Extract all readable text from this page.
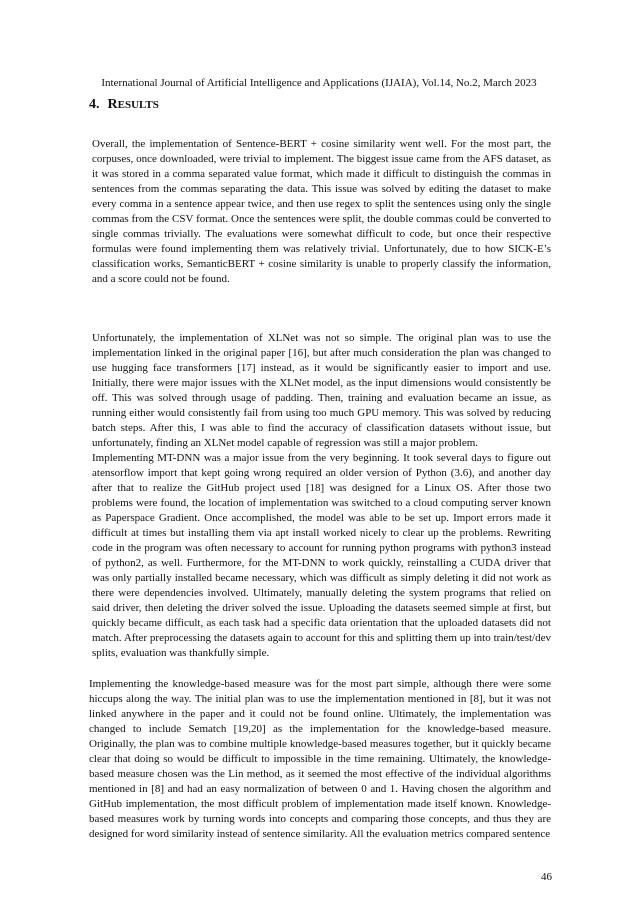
International Journal of Artificial Intelligence and Applications (IJAIA), Vol.14, No.2, March 2023
4. RESULTS

Overall, the implementation of Sentence-BERT + cosine similarity went well. For the most part, the corpuses, once downloaded, were trivial to implement. The biggest issue came from the AFS dataset, as it was stored in a comma separated value format, which made it difficult to distinguish the commas in sentences from the commas separating the data. This issue was solved by editing the dataset to make every comma in a sentence appear twice, and then use regex to split the sentences using only the single commas from the CSV format. Once the sentences were split, the double commas could be converted to single commas trivially. The evaluations were somewhat difficult to code, but once their respective formulas were found implementing them was relatively trivial. Unfortunately, due to how SICK-E’s classification works, SemanticBERT + cosine similarity is unable to properly classify the information, and a score could not be found.

Unfortunately, the implementation of XLNet was not so simple. The original plan was to use the implementation linked in the original paper [16], but after much consideration the plan was changed to use hugging face transformers [17] instead, as it would be significantly easier to import and use. Initially, there were major issues with the XLNet model, as the input dimensions would consistently be off. This was solved through usage of padding. Then, training and evaluation became an issue, as running either would consistently fail from using too much GPU memory. This was solved by reducing batch steps. After this, I was able to find the accuracy of classification datasets without issue, but unfortunately, finding an XLNet model capable of regression was still a major problem.

Implementing MT-DNN was a major issue from the very beginning. It took several days to figure out atensorflow import that kept going wrong required an older version of Python (3.6), and another day after that to realize the GitHub project used [18] was designed for a Linux OS. After those two problems were found, the location of implementation was switched to a cloud computing server known as Paperspace Gradient. Once accomplished, the model was able to be set up. Import errors made it difficult at times but installing them via apt install worked nicely to clear up the problems. Rewriting code in the program was often necessary to account for running python programs with python3 instead of python2, as well. Furthermore, for the MT-DNN to work quickly, reinstalling a CUDA driver that was only partially installed became necessary, which was difficult as simply deleting it did not work as there were dependencies involved. Ultimately, manually deleting the system programs that relied on said driver, then deleting the driver solved the issue. Uploading the datasets seemed simple at first, but quickly became difficult, as each task had a specific data orientation that the uploaded datasets did not match. After preprocessing the datasets again to account for this and splitting them up into train/test/dev splits, evaluation was thankfully simple.

Implementing the knowledge-based measure was for the most part simple, although there were some hiccups along the way. The initial plan was to use the implementation mentioned in [8], but it was not linked anywhere in the paper and it could not be found online. Ultimately, the implementation was changed to include Sematch [19,20] as the implementation for the knowledge-based measure. Originally, the plan was to combine multiple knowledge-based measures together, but it quickly became clear that doing so would be difficult to impossible in the time remaining. Ultimately, the knowledge-based measure chosen was the Lin method, as it seemed the most effective of the individual algorithms mentioned in [8] and had an easy normalization of between 0 and 1. Having chosen the algorithm and GitHub implementation, the most difficult problem of implementation made itself known. Knowledge-based measures work by turning words into concepts and comparing those concepts, and thus they are designed for word similarity instead of sentence similarity. All the evaluation metrics compared sentence

46
